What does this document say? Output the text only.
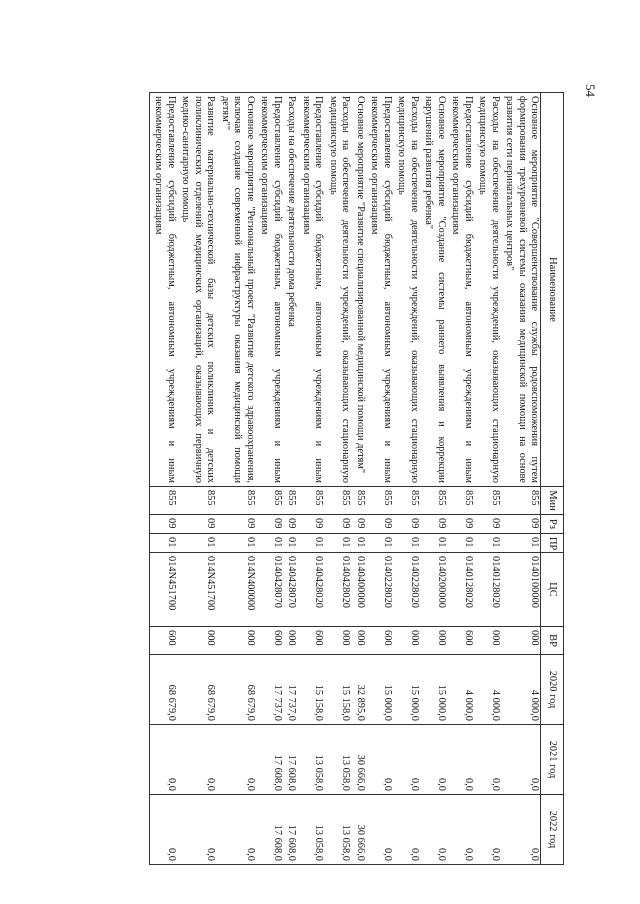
54
Наименование	Мин	Рз	ПР	ЦС	ВР	2020 год	2021 год	2022 год
Основное мероприятие "Совершенствование службы родовспоможения путем формирования трехуровневой системы оказания медицинской помощи на основе развития сети перинатальных центров"	855	09	01	0140100000	000	4 000,0	0,0	0,0
Расходы на обеспечение деятельности учреждений, оказывающих стационарную медицинскую помощь	855	09	01	0140128020	000	4 000,0	0,0	0,0
Предоставление субсидий бюджетным, автономным учреждениям и иным некоммерческим организациям	855	09	01	0140128020	600	4 000,0	0,0	0,0
Основное мероприятие "Создание системы раннего выявления и коррекции нарушений развития ребенка"	855	09	01	0140200000	000	15 000,0	0,0	0,0
Расходы на обеспечение деятельности учреждений, оказывающих стационарную медицинскую помощь	855	09	01	0140228020	000	15 000,0	0,0	0,0
Предоставление субсидий бюджетным, автономным учреждениям и иным некоммерческим организациям	855	09	01	0140228020	600	15 000,0	0,0	0,0
Основное мероприятие "Развитие специализированной медицинской помощи детям"	855	09	01	0140400000	000	32 895,0	30 666,0	30 666,0
Расходы на обеспечение деятельности учреждений, оказывающих стационарную медицинскую помощь	855	09	01	0140428020	000	15 158,0	13 058,0	13 058,0
Предоставление субсидий бюджетным, автономным учреждениям и иным некоммерческим организациям	855	09	01	0140428020	600	15 158,0	13 058,0	13 058,0
Расходы на обеспечение деятельности дома ребенка	855	09	01	0140428070	000	17 737,0	17 608,0	17 608,0
Предоставление субсидий бюджетным, автономным учреждениям и иным некоммерческим организациям	855	09	01	0140428070	600	17 737,0	17 608,0	17 608,0
Основное мероприятие "Региональный проект "Развитие детского здравоохранения, включая создание современной инфраструктуры оказания медицинской помощи детям""	855	09	01	014N400000	000	68 679,0	0,0	0,0
Развитие материально-технической базы детских поликлиник и детских поликлинических отделений медицинских организаций, оказывающих первичную медико-санитарную помощь	855	09	01	014N451700	000	68 679,0	0,0	0,0
Предоставление субсидий бюджетным, автономным учреждениям и иным некоммерческим организациям	855	09	01	014N451700	600	68 679,0	0,0	0,0
